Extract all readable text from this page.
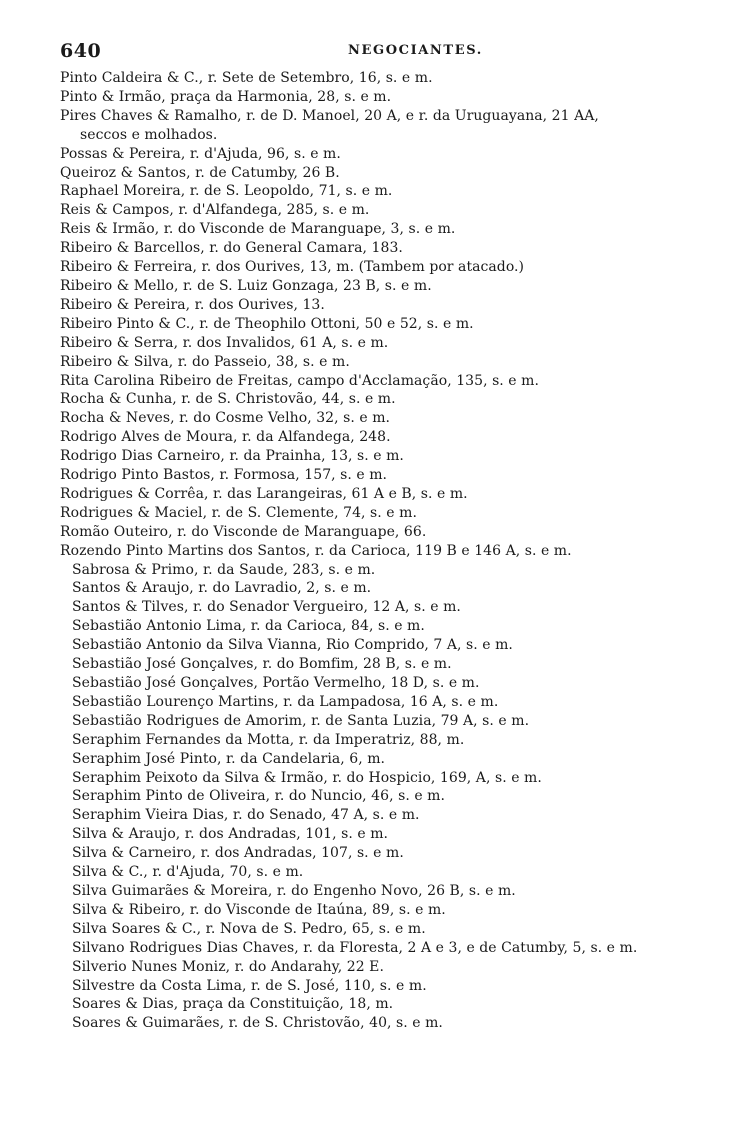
640	NEGOCIANTES.
Pinto Caldeira & C., r. Sete de Setembro, 16, s. e m.
Pinto & Irmão, praça da Harmonia, 28, s. e m.
Pires Chaves & Ramalho, r. de D. Manoel, 20 A, e r. da Uruguayana, 21 AA,
seccos e molhados.
Possas & Pereira, r. d'Ajuda, 96, s. e m.
Queiroz & Santos, r. de Catumby, 26 B.
Raphael Moreira, r. de S. Leopoldo, 71, s. e m.
Reis & Campos, r. d'Alfandega, 285, s. e m.
Reis & Irmão, r. do Visconde de Maranguape, 3, s. e m.
Ribeiro & Barcellos, r. do General Camara, 183.
Ribeiro & Ferreira, r. dos Ourives, 13, m. (Tambem por atacado.)
Ribeiro & Mello, r. de S. Luiz Gonzaga, 23 B, s. e m.
Ribeiro & Pereira, r. dos Ourives, 13.
Ribeiro Pinto & C., r. de Theophilo Ottoni, 50 e 52, s. e m.
Ribeiro & Serra, r. dos Invalidos, 61 A, s. e m.
Ribeiro & Silva, r. do Passeio, 38, s. e m.
Rita Carolina Ribeiro de Freitas, campo d'Acclamação, 135, s. e m.
Rocha & Cunha, r. de S. Christovão, 44, s. e m.
Rocha & Neves, r. do Cosme Velho, 32, s. e m.
Rodrigo Alves de Moura, r. da Alfandega, 248.
Rodrigo Dias Carneiro, r. da Prainha, 13, s. e m.
Rodrigo Pinto Bastos, r. Formosa, 157, s. e m.
Rodrigues & Corrêa, r. das Larangeiras, 61 A e B, s. e m.
Rodrigues & Maciel, r. de S. Clemente, 74, s. e m.
Romão Outeiro, r. do Visconde de Maranguape, 66.
Rozendo Pinto Martins dos Santos, r. da Carioca, 119 B e 146 A, s. e m.
Sabrosa & Primo, r. da Saude, 283, s. e m.
Santos & Araujo, r. do Lavradio, 2, s. e m.
Santos & Tilves, r. do Senador Vergueiro, 12 A, s. e m.
Sebastião Antonio Lima, r. da Carioca, 84, s. e m.
Sebastião Antonio da Silva Vianna, Rio Comprido, 7 A, s. e m.
Sebastião José Gonçalves, r. do Bomfim, 28 B, s. e m.
Sebastião José Gonçalves, Portão Vermelho, 18 D, s. e m.
Sebastião Lourenço Martins, r. da Lampadosa, 16 A, s. e m.
Sebastião Rodrigues de Amorim, r. de Santa Luzia, 79 A, s. e m.
Seraphim Fernandes da Motta, r. da Imperatriz, 88, m.
Seraphim José Pinto, r. da Candelaria, 6, m.
Seraphim Peixoto da Silva & Irmão, r. do Hospicio, 169, A, s. e m.
Seraphim Pinto de Oliveira, r. do Nuncio, 46, s. e m.
Seraphim Vieira Dias, r. do Senado, 47 A, s. e m.
Silva & Araujo, r. dos Andradas, 101, s. e m.
Silva & Carneiro, r. dos Andradas, 107, s. e m.
Silva & C., r. d'Ajuda, 70, s. e m.
Silva Guimarães & Moreira, r. do Engenho Novo, 26 B, s. e m.
Silva & Ribeiro, r. do Visconde de Itaúna, 89, s. e m.
Silva Soares & C., r. Nova de S. Pedro, 65, s. e m.
Silvano Rodrigues Dias Chaves, r. da Floresta, 2 A e 3, e de Catumby, 5, s. e m.
Silverio Nunes Moniz, r. do Andarahy, 22 E.
Silvestre da Costa Lima, r. de S. José, 110, s. e m.
Soares & Dias, praça da Constituição, 18, m.
Soares & Guimarães, r. de S. Christovão, 40, s. e m.
